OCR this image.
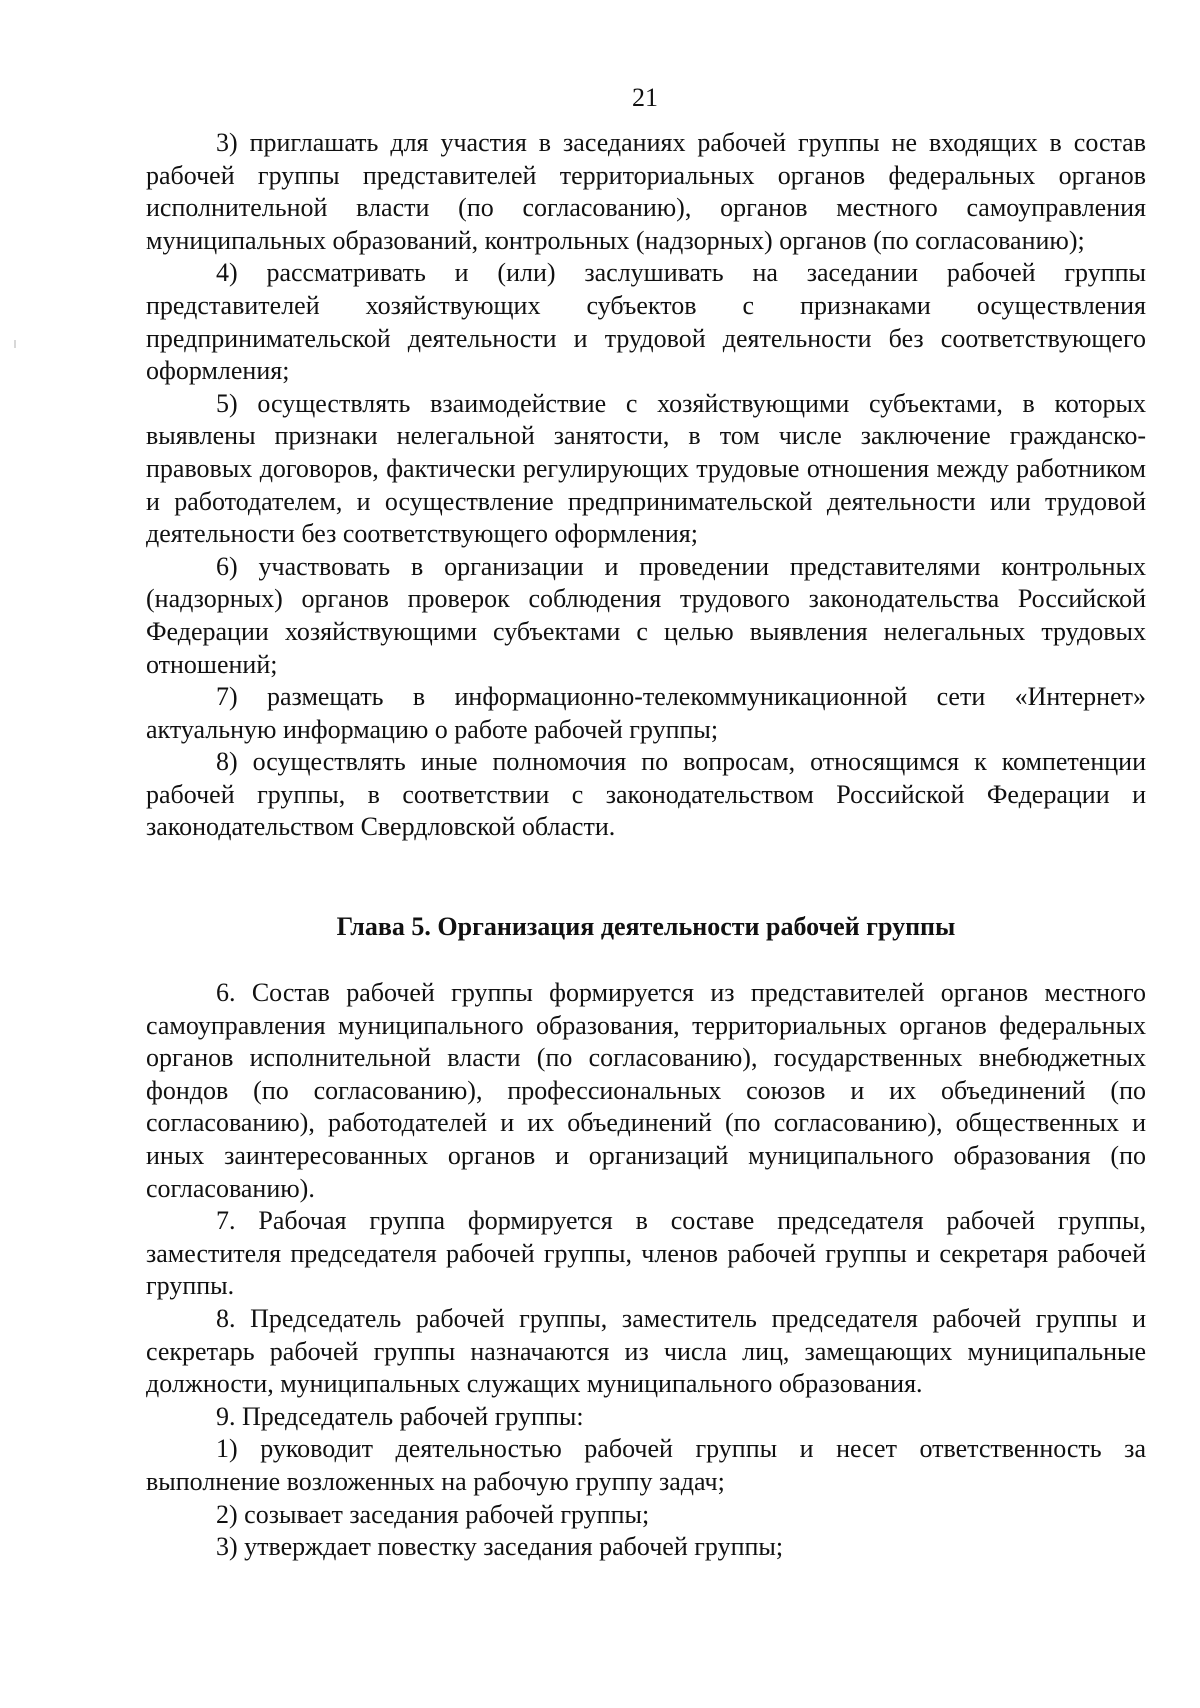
21

3) приглашать для участия в заседаниях рабочей группы не входящих в состав рабочей группы представителей территориальных органов федеральных органов исполнительной власти (по согласованию), органов местного самоуправления муниципальных образований, контрольных (надзорных) органов (по согласованию);

4) рассматривать и (или) заслушивать на заседании рабочей группы представителей хозяйствующих субъектов с признаками осуществления предпринимательской деятельности и трудовой деятельности без соответствующего оформления;

5) осуществлять взаимодействие с хозяйствующими субъектами, в которых выявлены признаки нелегальной занятости, в том числе заключение гражданско-правовых договоров, фактически регулирующих трудовые отношения между работником и работодателем, и осуществление предпринимательской деятельности или трудовой деятельности без соответствующего оформления;

6) участвовать в организации и проведении представителями контрольных (надзорных) органов проверок соблюдения трудового законодательства Российской Федерации хозяйствующими субъектами с целью выявления нелегальных трудовых отношений;

7) размещать в информационно-телекоммуникационной сети «Интернет» актуальную информацию о работе рабочей группы;

8) осуществлять иные полномочия по вопросам, относящимся к компетенции рабочей группы, в соответствии с законодательством Российской Федерации и законодательством Свердловской области.

Глава 5. Организация деятельности рабочей группы

6. Состав рабочей группы формируется из представителей органов местного самоуправления муниципального образования, территориальных органов федеральных органов исполнительной власти (по согласованию), государственных внебюджетных фондов (по согласованию), профессиональных союзов и их объединений (по согласованию), работодателей и их объединений (по согласованию), общественных и иных заинтересованных органов и организаций муниципального образования (по согласованию).

7. Рабочая группа формируется в составе председателя рабочей группы, заместителя председателя рабочей группы, членов рабочей группы и секретаря рабочей группы.

8. Председатель рабочей группы, заместитель председателя рабочей группы и секретарь рабочей группы назначаются из числа лиц, замещающих муниципальные должности, муниципальных служащих муниципального образования.

9. Председатель рабочей группы:

1) руководит деятельностью рабочей группы и несет ответственность за выполнение возложенных на рабочую группу задач;

2) созывает заседания рабочей группы;

3) утверждает повестку заседания рабочей группы;
